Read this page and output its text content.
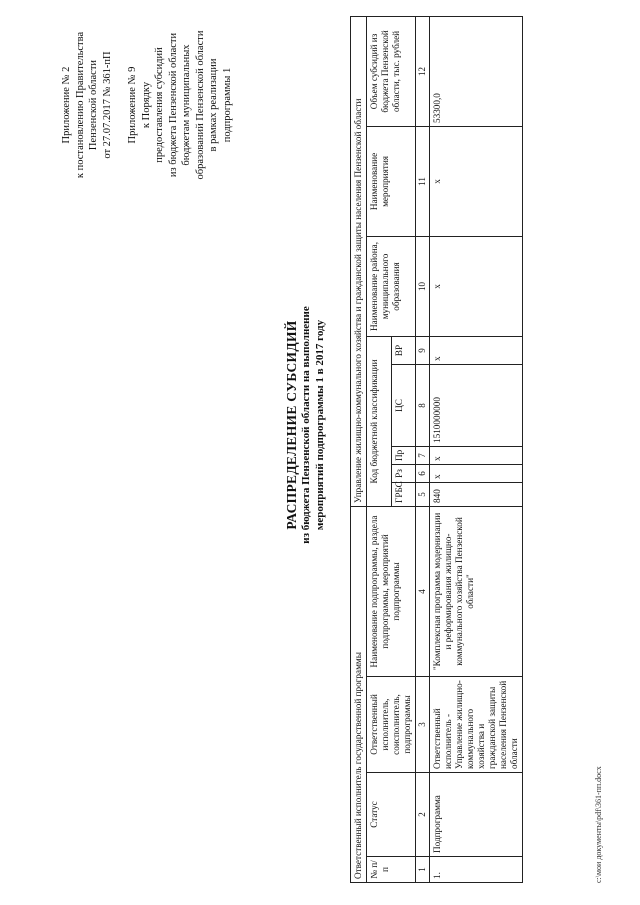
Приложение № 2 к постановлению Правительства Пензенской области от 27.07.2017 № 361-пП Приложение № 9 к Порядку предоставления субсидий из бюджета Пензенской области бюджетам муниципальных образований Пензенской области в рамках реализации подпрограммы 1
РАСПРЕДЕЛЕНИЕ СУБСИДИЙ из бюджета Пензенской области на выполнение мероприятий подпрограммы 1 в 2017 году
Ответственный исполнитель государственной программы				Управление жилищно-коммунального хозяйства и гражданской защиты населения Пензенской области							
№ п/п	Статус	Ответственный исполнитель, соисполнитель, подпрограммы	Наименование подпрограммы, раздела подпрограммы, мероприятий подпрограммы	Код бюджетной классификации					Наименование района, муниципального образования	Наименование мероприятия	Объем субсидий из бюджета Пензенской области, тыс. рублей
				ГРБС	Рз	Пр	ЦС	ВР			
1	2	3	4	5	6	7	8	9	10	11	12
1.	Подпрограмма	Ответственный исполнитель - Управление жилищно-коммунального хозяйства и гражданской защиты населения Пензенской области	"Комплексная программа модернизации и реформирования жилищно-коммунального хозяйства Пензенской области"	840	х	х	1510000000	х	х	х	53300,0
c:\мои документы\pdf\361-пп.docx
